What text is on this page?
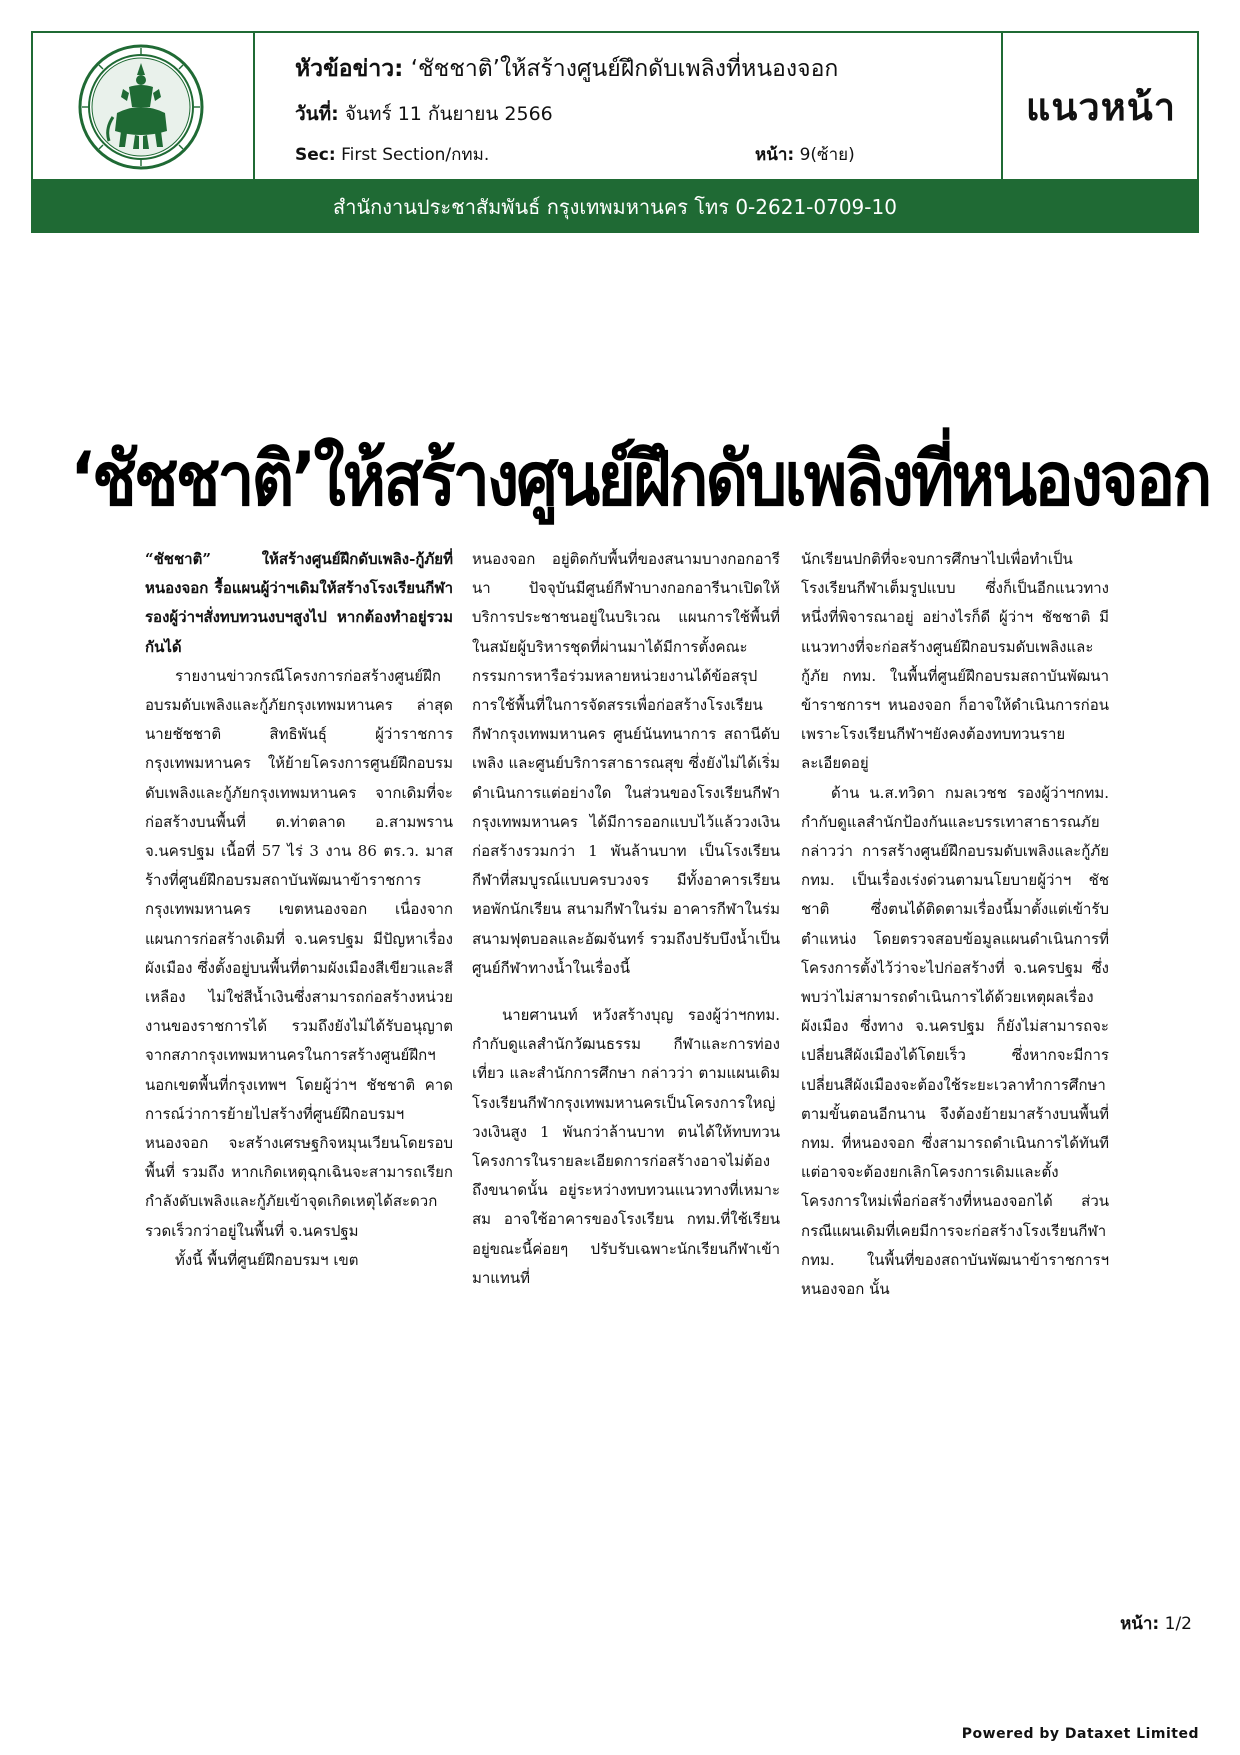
หัวข้อข่าว: ‘ชัชชาติ’ให้สร้างศูนย์ฝึกดับเพลิงที่หนองจอก
วันที่: จันทร์ 11 กันยายน 2566
Sec: First Section/กทม.	หน้า: 9(ซ้าย)
แนวหน้า
สำนักงานประชาสัมพันธ์ กรุงเทพมหานคร โทร 0-2621-0709-10
‘ชัชชาติ’ให้สร้างศูนย์ฝึกดับเพลิงที่หนองจอก

“ชัชชาติ” ให้สร้างศูนย์ฝึกดับเพลิง-กู้ภัยที่หนองจอก รื้อแผนผู้ว่าฯเดิมให้สร้างโรงเรียนกีฬา รองผู้ว่าฯสั่งทบทวนงบฯสูงไป หากต้องทำอยู่รวมกันได้

รายงานข่าวกรณีโครงการก่อสร้างศูนย์ฝึกอบรมดับเพลิงและกู้ภัยกรุงเทพมหานคร ล่าสุดนายชัชชาติ สิทธิพันธุ์ ผู้ว่าราชการกรุงเทพมหานคร ให้ย้ายโครงการศูนย์ฝึกอบรมดับเพลิงและกู้ภัยกรุงเทพมหานคร จากเดิมที่จะก่อสร้างบนพื้นที่ ต.ท่าตลาด อ.สามพราน จ.นครปฐม เนื้อที่ 57 ไร่ 3 งาน 86 ตร.ว. มาสร้างที่ศูนย์ฝึกอบรมสถาบันพัฒนาข้าราชการกรุงเทพมหานคร เขตหนองจอก เนื่องจาก แผนการก่อสร้างเดิมที่ จ.นครปฐม มีปัญหาเรื่องผังเมือง ซึ่งตั้งอยู่บนพื้นที่ตามผังเมืองสีเขียวและสีเหลือง ไม่ใช่สีน้ำเงินซึ่งสามารถก่อสร้างหน่วยงานของราชการได้ รวมถึงยังไม่ได้รับอนุญาตจากสภากรุงเทพมหานครในการสร้างศูนย์ฝึกฯ นอกเขตพื้นที่กรุงเทพฯ โดยผู้ว่าฯ ชัชชาติ คาดการณ์ว่าการย้ายไปสร้างที่ศูนย์ฝึกอบรมฯหนองจอก จะสร้างเศรษฐกิจหมุนเวียนโดยรอบพื้นที่ รวมถึง หากเกิดเหตุฉุกเฉินจะสามารถเรียกกำลังดับเพลิงและกู้ภัยเข้าจุดเกิดเหตุได้สะดวกรวดเร็วกว่าอยู่ในพื้นที่ จ.นครปฐม

ทั้งนี้ พื้นที่ศูนย์ฝึกอบรมฯ เขต

หนองจอก อยู่ติดกับพื้นที่ของสนามบางกอกอารีนา ปัจจุบันมีศูนย์กีฬาบางกอกอารีนาเปิดให้บริการประชาชนอยู่ในบริเวณ แผนการใช้พื้นที่ในสมัยผู้บริหารชุดที่ผ่านมาได้มีการตั้งคณะกรรมการหารือร่วมหลายหน่วยงานได้ข้อสรุปการใช้พื้นที่ในการจัดสรรเพื่อก่อสร้างโรงเรียนกีฬากรุงเทพมหานคร ศูนย์นันทนาการ สถานีดับเพลิง และศูนย์บริการสาธารณสุข ซึ่งยังไม่ได้เริ่มดำเนินการแต่อย่างใด ในส่วนของโรงเรียนกีฬากรุงเทพมหานคร ได้มีการออกแบบไว้แล้ววงเงินก่อสร้างรวมกว่า 1 พันล้านบาท เป็นโรงเรียนกีฬาที่สมบูรณ์แบบครบวงจร มีทั้งอาคารเรียน หอพักนักเรียน สนามกีฬาในร่ม อาคารกีฬาในร่ม สนามฟุตบอลและอัฒจันทร์ รวมถึงปรับบึงน้ำเป็นศูนย์กีฬาทางน้ำในเรื่องนี้

นายศานนท์ หวังสร้างบุญ รองผู้ว่าฯกทม. กำกับดูแลสำนักวัฒนธรรม กีฬาและการท่องเที่ยว และสำนักการศึกษา กล่าวว่า ตามแผนเดิมโรงเรียนกีฬากรุงเทพมหานครเป็นโครงการใหญ่ วงเงินสูง 1 พันกว่าล้านบาท ตนได้ให้ทบทวนโครงการในรายละเอียดการก่อสร้างอาจไม่ต้องถึงขนาดนั้น อยู่ระหว่างทบทวนแนวทางที่เหมาะสม อาจใช้อาคารของโรงเรียน กทม.ที่ใช้เรียนอยู่ขณะนี้ค่อยๆ ปรับรับเฉพาะนักเรียนกีฬาเข้ามาแทนที่

นักเรียนปกติที่จะจบการศึกษาไปเพื่อทำเป็นโรงเรียนกีฬาเต็มรูปแบบ ซึ่งก็เป็นอีกแนวทางหนึ่งที่พิจารณาอยู่ อย่างไรก็ดี ผู้ว่าฯ ชัชชาติ มีแนวทางที่จะก่อสร้างศูนย์ฝึกอบรมดับเพลิงและกู้ภัย กทม. ในพื้นที่ศูนย์ฝึกอบรมสถาบันพัฒนาข้าราชการฯ หนองจอก ก็อาจให้ดำเนินการก่อน เพราะโรงเรียนกีฬาฯยังคงต้องทบทวนรายละเอียดอยู่

ด้าน น.ส.ทวิดา กมลเวชช รองผู้ว่าฯกทม. กำกับดูแลสำนักป้องกันและบรรเทาสาธารณภัย กล่าวว่า การสร้างศูนย์ฝึกอบรมดับเพลิงและกู้ภัย กทม. เป็นเรื่องเร่งด่วนตามนโยบายผู้ว่าฯ ชัชชาติ ซึ่งตนได้ติดตามเรื่องนี้มาตั้งแต่เข้ารับตำแหน่ง โดยตรวจสอบข้อมูลแผนดำเนินการที่โครงการตั้งไว้ว่าจะไปก่อสร้างที่ จ.นครปฐม ซึ่งพบว่าไม่สามารถดำเนินการได้ด้วยเหตุผลเรื่องผังเมือง ซึ่งทาง จ.นครปฐม ก็ยังไม่สามารถจะเปลี่ยนสีผังเมืองได้โดยเร็ว ซึ่งหากจะมีการเปลี่ยนสีผังเมืองจะต้องใช้ระยะเวลาทำการศึกษาตามขั้นตอนอีกนาน จึงต้องย้ายมาสร้างบนพื้นที่ กทม. ที่หนองจอก ซึ่งสามารถดำเนินการได้ทันที แต่อาจจะต้องยกเลิกโครงการเดิมและตั้งโครงการใหม่เพื่อก่อสร้างที่หนองจอกได้ ส่วนกรณีแผนเดิมที่เคยมีการจะก่อสร้างโรงเรียนกีฬา กทม. ในพื้นที่ของสถาบันพัฒนาข้าราชการฯ หนองจอก นั้น

หน้า: 1/2
Powered by Dataxet Limited
